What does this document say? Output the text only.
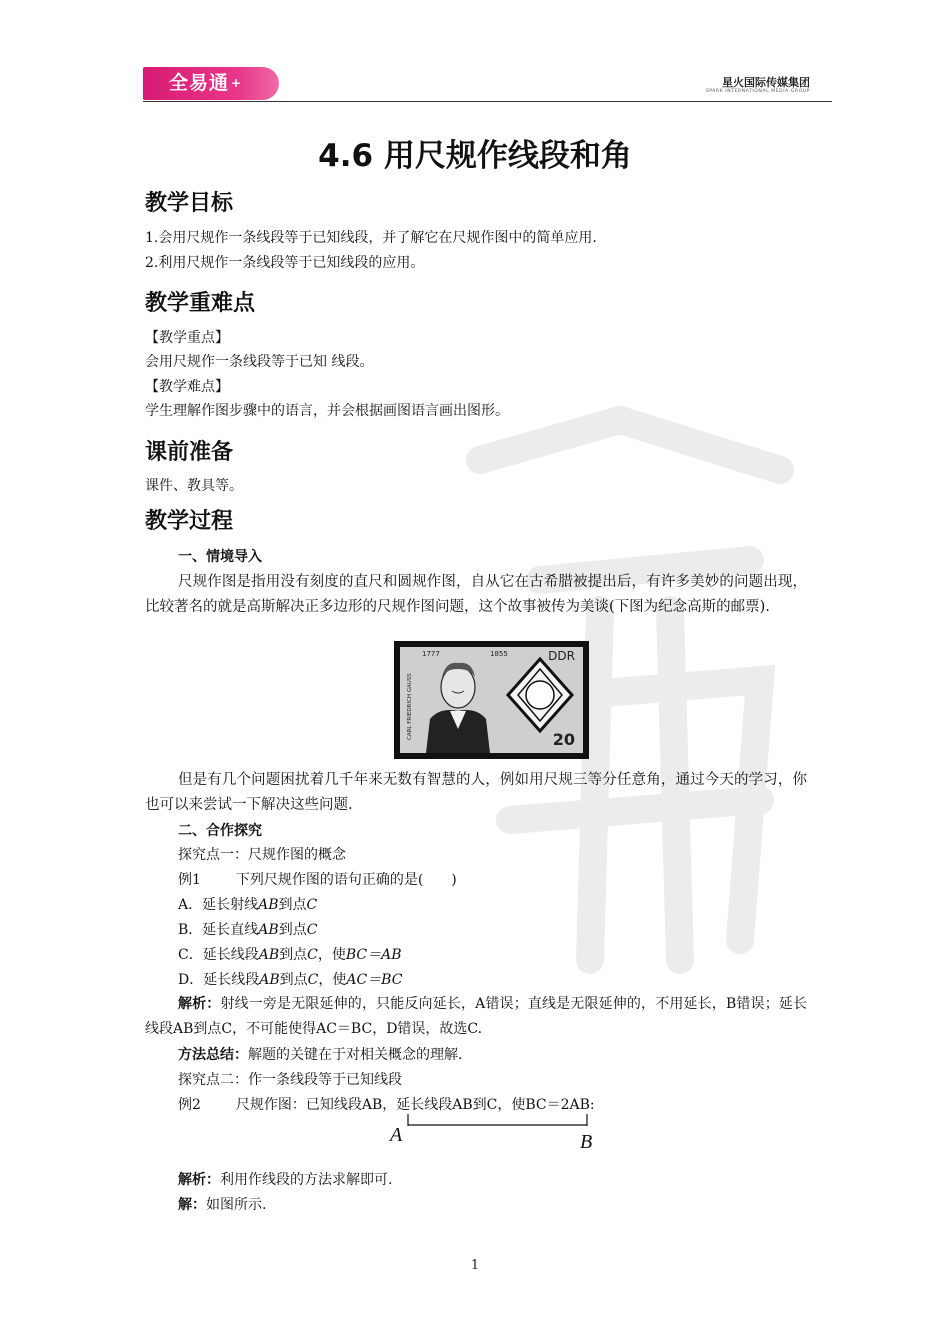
全易通 +	星火国际传媒集团
SPARK INTERNATIONAL MEDIA GROUP
4.6 用尺规作线段和角
教学目标
1.会用尺规作一条线段等于已知线段，并了解它在尺规作图中的简单应用.
2.利用尺规作一条线段等于已知线段的应用。
教学重难点
【教学重点】
会用尺规作一条线段等于已知 线段。
【教学难点】
学生理解作图步骤中的语言，并会根据画图语言画出图形。
课前准备
课件、教具等。
教学过程
一、情境导入
尺规作图是指用没有刻度的直尺和圆规作图，自从它在古希腊被提出后，有许多美妙的问题出现，比较著名的就是高斯解决正多边形的尺规作图问题，这个故事被传为美谈(下图为纪念高斯的邮票).
1777	1855	DDR
CARL FRIEDRICH GAUSS	20
但是有几个问题困扰着几千年来无数有智慧的人，例如用尺规三等分任意角，通过今天的学习，你也可以来尝试一下解决这些问题.
二、合作探究
探究点一：尺规作图的概念
例1 下列尺规作图的语句正确的是(　　)
A．延长射线AB到点C
B．延长直线AB到点C
C．延长线段AB到点C，使BC＝AB
D．延长线段AB到点C，使AC＝BC
解析：射线一旁是无限延伸的，只能反向延长，A错误；直线是无限延伸的，不用延长，B错误；延长线段AB到点C，不可能使得AC＝BC，D错误，故选C.
方法总结：解题的关键在于对相关概念的理解.
探究点二：作一条线段等于已知线段
例2 尺规作图：已知线段AB，延长线段AB到C，使BC＝2AB:
A	B
解析：利用作线段的方法求解即可.
解：如图所示.
1
